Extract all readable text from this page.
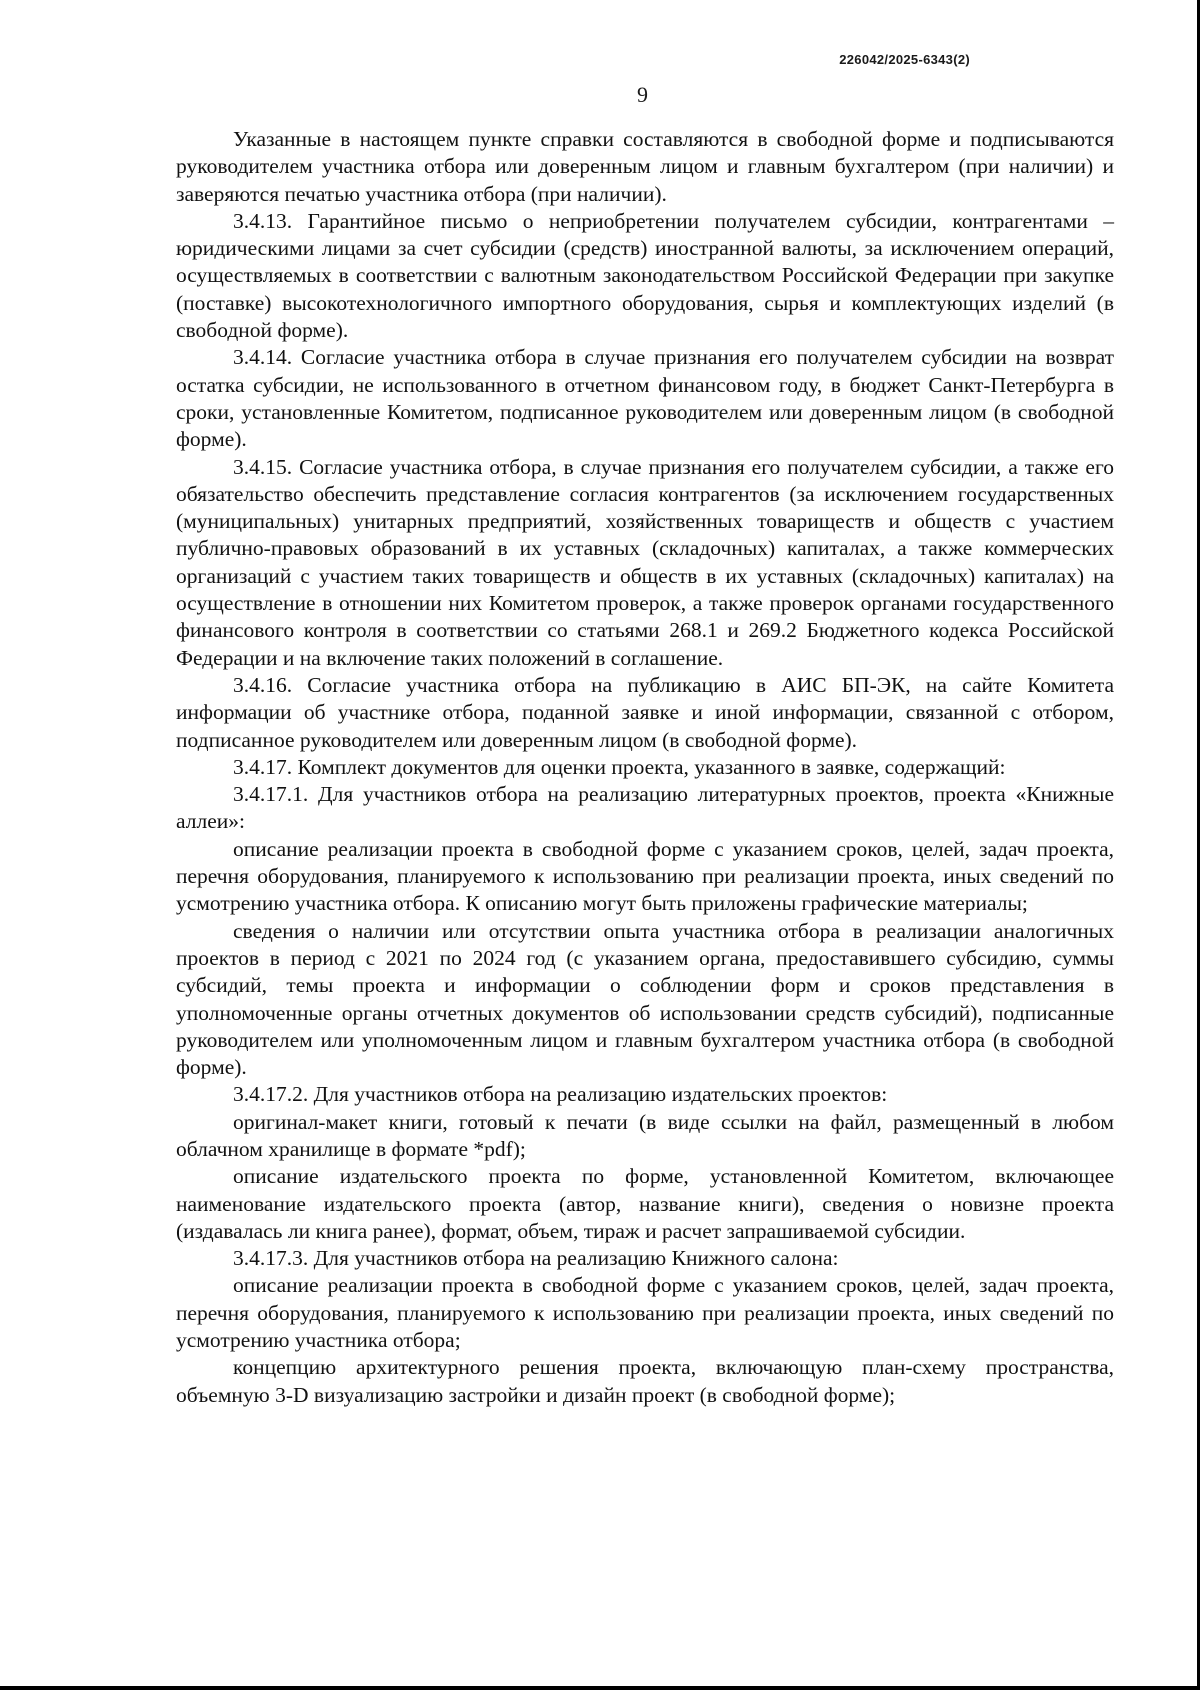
226042/2025-6343(2)
9

Указанные в настоящем пункте справки составляются в свободной форме и подписываются руководителем участника отбора или доверенным лицом и главным бухгалтером (при наличии) и заверяются печатью участника отбора (при наличии).

3.4.13. Гарантийное письмо о неприобретении получателем субсидии, контрагентами – юридическими лицами за счет субсидии (средств) иностранной валюты, за исключением операций, осуществляемых в соответствии с валютным законодательством Российской Федерации при закупке (поставке) высокотехнологичного импортного оборудования, сырья и комплектующих изделий (в свободной форме).

3.4.14. Согласие участника отбора в случае признания его получателем субсидии на возврат остатка субсидии, не использованного в отчетном финансовом году, в бюджет Санкт-Петербурга в сроки, установленные Комитетом, подписанное руководителем или доверенным лицом (в свободной форме).

3.4.15. Согласие участника отбора, в случае признания его получателем субсидии, а также его обязательство обеспечить представление согласия контрагентов (за исключением государственных (муниципальных) унитарных предприятий, хозяйственных товариществ и обществ с участием публично-правовых образований в их уставных (складочных) капиталах, а также коммерческих организаций с участием таких товариществ и обществ в их уставных (складочных) капиталах) на осуществление в отношении них Комитетом проверок, а также проверок органами государственного финансового контроля в соответствии со статьями 268.1 и 269.2 Бюджетного кодекса Российской Федерации и на включение таких положений в соглашение.

3.4.16. Согласие участника отбора на публикацию в АИС БП-ЭК, на сайте Комитета информации об участнике отбора, поданной заявке и иной информации, связанной с отбором, подписанное руководителем или доверенным лицом (в свободной форме).

3.4.17. Комплект документов для оценки проекта, указанного в заявке, содержащий:

3.4.17.1. Для участников отбора на реализацию литературных проектов, проекта «Книжные аллеи»:

описание реализации проекта в свободной форме с указанием сроков, целей, задач проекта, перечня оборудования, планируемого к использованию при реализации проекта, иных сведений по усмотрению участника отбора. К описанию могут быть приложены графические материалы;

сведения о наличии или отсутствии опыта участника отбора в реализации аналогичных проектов в период с 2021 по 2024 год (с указанием органа, предоставившего субсидию, суммы субсидий, темы проекта и информации о соблюдении форм и сроков представления в уполномоченные органы отчетных документов об использовании средств субсидий), подписанные руководителем или уполномоченным лицом и главным бухгалтером участника отбора (в свободной форме).

3.4.17.2. Для участников отбора на реализацию издательских проектов:

оригинал-макет книги, готовый к печати (в виде ссылки на файл, размещенный в любом облачном хранилище в формате *pdf);

описание издательского проекта по форме, установленной Комитетом, включающее наименование издательского проекта (автор, название книги), сведения о новизне проекта (издавалась ли книга ранее), формат, объем, тираж и расчет запрашиваемой субсидии.

3.4.17.3. Для участников отбора на реализацию Книжного салона:

описание реализации проекта в свободной форме с указанием сроков, целей, задач проекта, перечня оборудования, планируемого к использованию при реализации проекта, иных сведений по усмотрению участника отбора;

концепцию архитектурного решения проекта, включающую план-схему пространства, объемную 3-D визуализацию застройки и дизайн проект (в свободной форме);
